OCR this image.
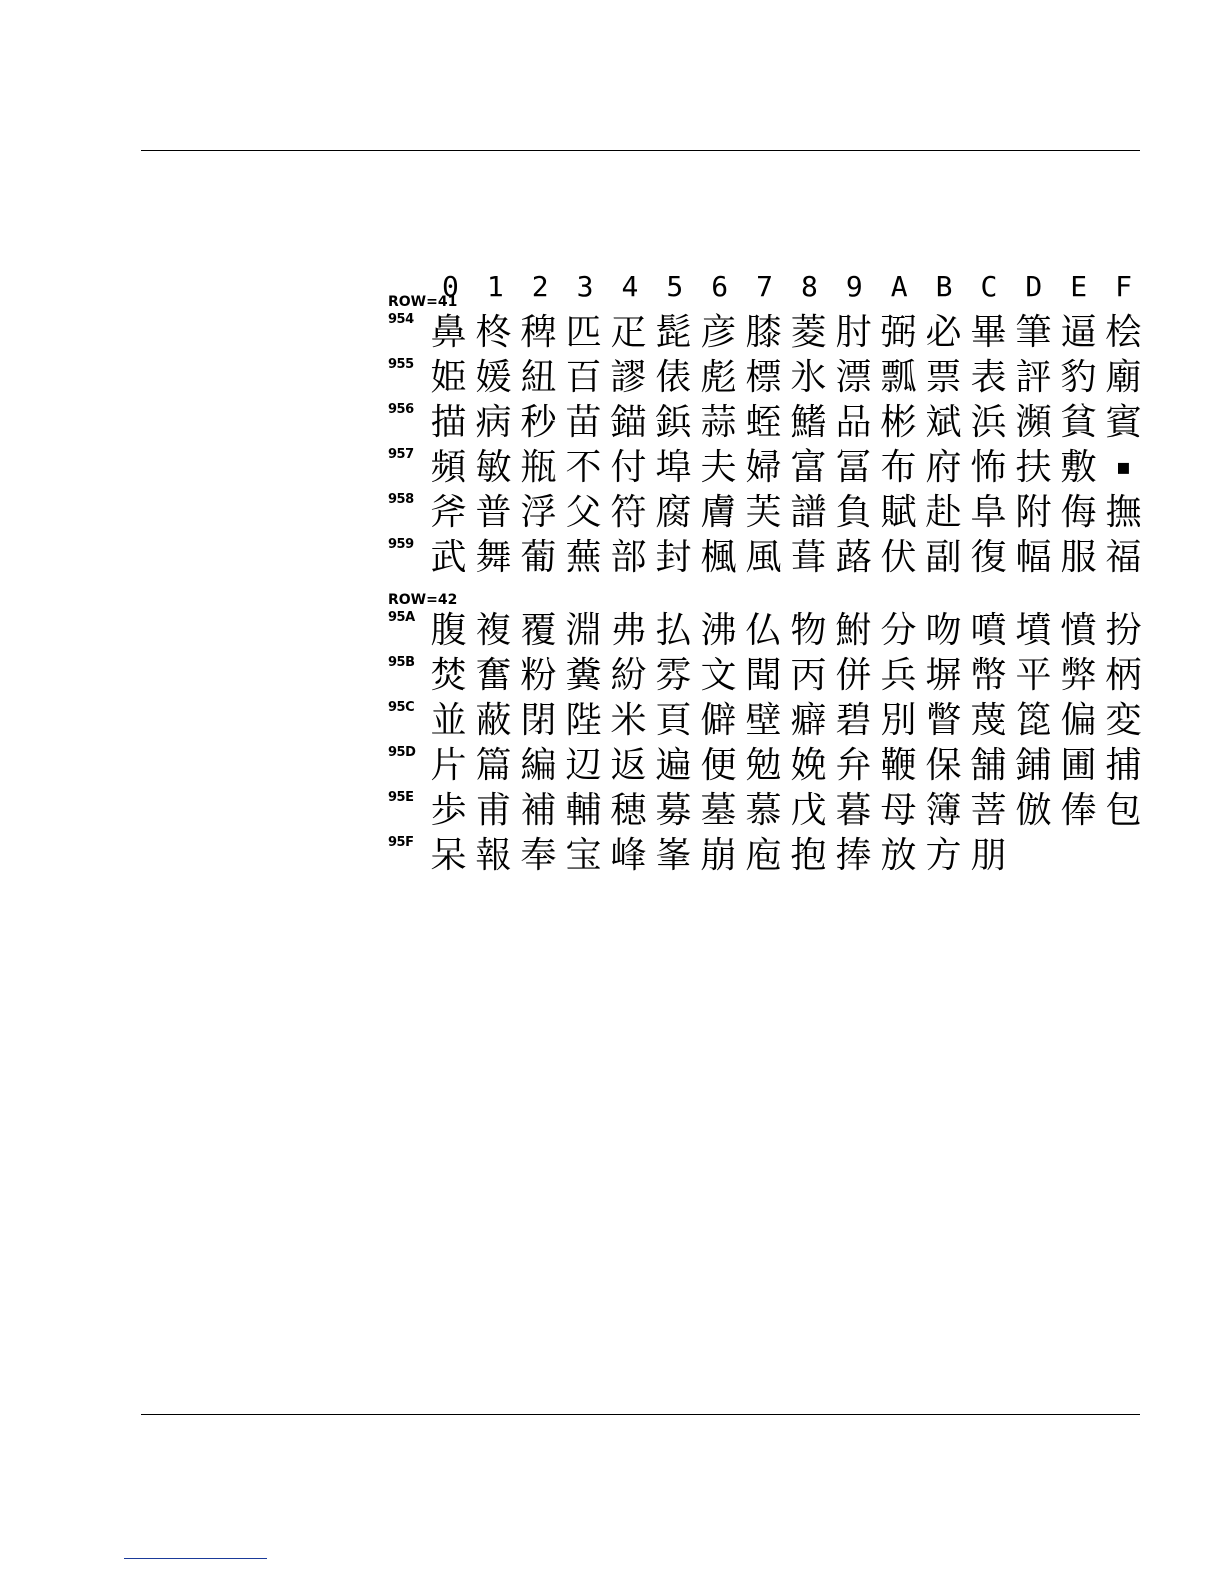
0	1	2	3	4	5	6	7	8	9	A	B	C	D	E	F
ROW=41
954 鼻 柊 稗 匹 疋 髭 彦 膝 菱 肘 弼 必 畢 筆 逼 桧
955 姫 媛 紐 百 謬 俵 彪 標 氷 漂 瓢 票 表 評 豹 廟
956 描 病 秒 苗 錨 鋲 蒜 蛭 鰭 品 彬 斌 浜 瀕 貧 賓
957 頻 敏 瓶 不 付 埠 夫 婦 富 冨 布 府 怖 扶 敷 ▪
958 斧 普 浮 父 符 腐 膚 芙 譜 負 賦 赴 阜 附 侮 撫
959 武 舞 葡 蕪 部 封 楓 風 葺 蕗 伏 副 復 幅 服 福
ROW=42
95A 腹 複 覆 淵 弗 払 沸 仏 物 鮒 分 吻 噴 墳 憤 扮
95B 焚 奮 粉 糞 紛 雰 文 聞 丙 併 兵 塀 幣 平 弊 柄
95C 並 蔽 閉 陛 米 頁 僻 壁 癖 碧 別 瞥 蔑 箆 偏 変
95D 片 篇 編 辺 返 遍 便 勉 娩 弁 鞭 保 舗 鋪 圃 捕
95E 歩 甫 補 輔 穂 募 墓 慕 戊 暮 母 簿 菩 倣 俸 包
95F 呆 報 奉 宝 峰 峯 崩 庖 抱 捧 放 方 朋
